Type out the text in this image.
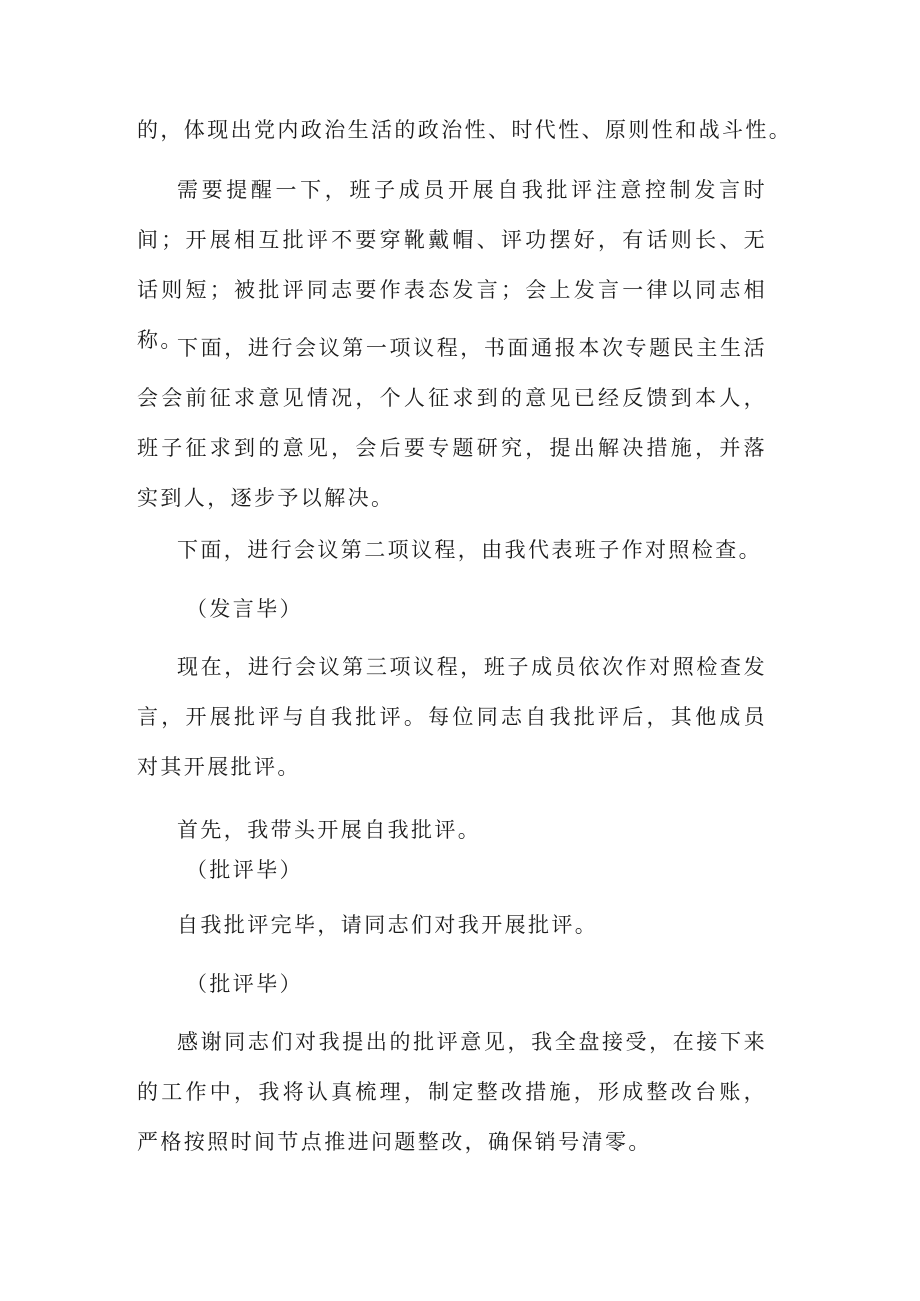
的，体现出党内政治生活的政治性、时代性、原则性和战斗性。

需要提醒一下，班子成员开展自我批评注意控制发言时间；开展相互批评不要穿靴戴帽、评功摆好，有话则长、无话则短；被批评同志要作表态发言；会上发言一律以同志相称。

下面，进行会议第一项议程，书面通报本次专题民主生活会会前征求意见情况，个人征求到的意见已经反馈到本人，班子征求到的意见，会后要专题研究，提出解决措施，并落实到人，逐步予以解决。

下面，进行会议第二项议程，由我代表班子作对照检查。

（发言毕）

现在，进行会议第三项议程，班子成员依次作对照检查发言，开展批评与自我批评。每位同志自我批评后，其他成员对其开展批评。

首先，我带头开展自我批评。

（批评毕）

自我批评完毕，请同志们对我开展批评。

（批评毕）

感谢同志们对我提出的批评意见，我全盘接受，在接下来的工作中，我将认真梳理，制定整改措施，形成整改台账，严格按照时间节点推进问题整改，确保销号清零。
